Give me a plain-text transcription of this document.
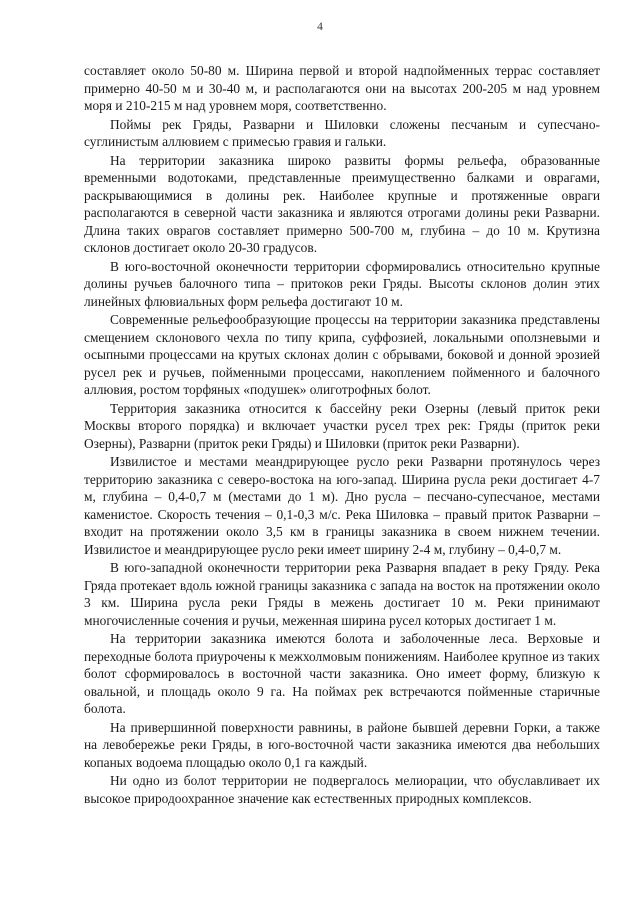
4

составляет около 50-80 м. Ширина первой и второй надпойменных террас составляет примерно 40-50 м и 30-40 м, и располагаются они на высотах 200-205 м над уровнем моря и 210-215 м над уровнем моря, соответственно.

Поймы рек Гряды, Разварни и Шиловки сложены песчаным и супесчано-суглинистым аллювием с примесью гравия и гальки.

На территории заказника широко развиты формы рельефа, образованные временными водотоками, представленные преимущественно балками и оврагами, раскрывающимися в долины рек. Наиболее крупные и протяженные овраги располагаются в северной части заказника и являются отрогами долины реки Разварни. Длина таких оврагов составляет примерно 500-700 м, глубина – до 10 м. Крутизна склонов достигает около 20-30 градусов.

В юго-восточной оконечности территории сформировались относительно крупные долины ручьев балочного типа – притоков реки Гряды. Высоты склонов долин этих линейных флювиальных форм рельефа достигают 10 м.

Современные рельефообразующие процессы на территории заказника представлены смещением склонового чехла по типу крипа, суффозией, локальными оползневыми и осыпными процессами на крутых склонах долин с обрывами, боковой и донной эрозией русел рек и ручьев, пойменными процессами, накоплением пойменного и балочного аллювия, ростом торфяных «подушек» олиготрофных болот.

Территория заказника относится к бассейну реки Озерны (левый приток реки Москвы второго порядка) и включает участки русел трех рек: Гряды (приток реки Озерны), Разварни (приток реки Гряды) и Шиловки (приток реки Разварни).

Извилистое и местами меандрирующее русло реки Разварни протянулось через территорию заказника с северо-востока на юго-запад. Ширина русла реки достигает 4-7 м, глубина – 0,4-0,7 м (местами до 1 м). Дно русла – песчано-супесчаное, местами каменистое. Скорость течения – 0,1-0,3 м/с. Река Шиловка – правый приток Разварни – входит на протяжении около 3,5 км в границы заказника в своем нижнем течении. Извилистое и меандрирующее русло реки имеет ширину 2-4 м, глубину – 0,4-0,7 м.

В юго-западной оконечности территории река Разварня впадает в реку Гряду. Река Гряда протекает вдоль южной границы заказника с запада на восток на протяжении около 3 км. Ширина русла реки Гряды в межень достигает 10 м. Реки принимают многочисленные сочения и ручьи, меженная ширина русел которых достигает 1 м.

На территории заказника имеются болота и заболоченные леса. Верховые и переходные болота приурочены к межхолмовым понижениям. Наиболее крупное из таких болот сформировалось в восточной части заказника. Оно имеет форму, близкую к овальной, и площадь около 9 га. На поймах рек встречаются пойменные старичные болота.

На привершинной поверхности равнины, в районе бывшей деревни Горки, а также на левобережье реки Гряды, в юго-восточной части заказника имеются два небольших копаных водоема площадью около 0,1 га каждый.

Ни одно из болот территории не подвергалось мелиорации, что обуславливает их высокое природоохранное значение как естественных природных комплексов.
